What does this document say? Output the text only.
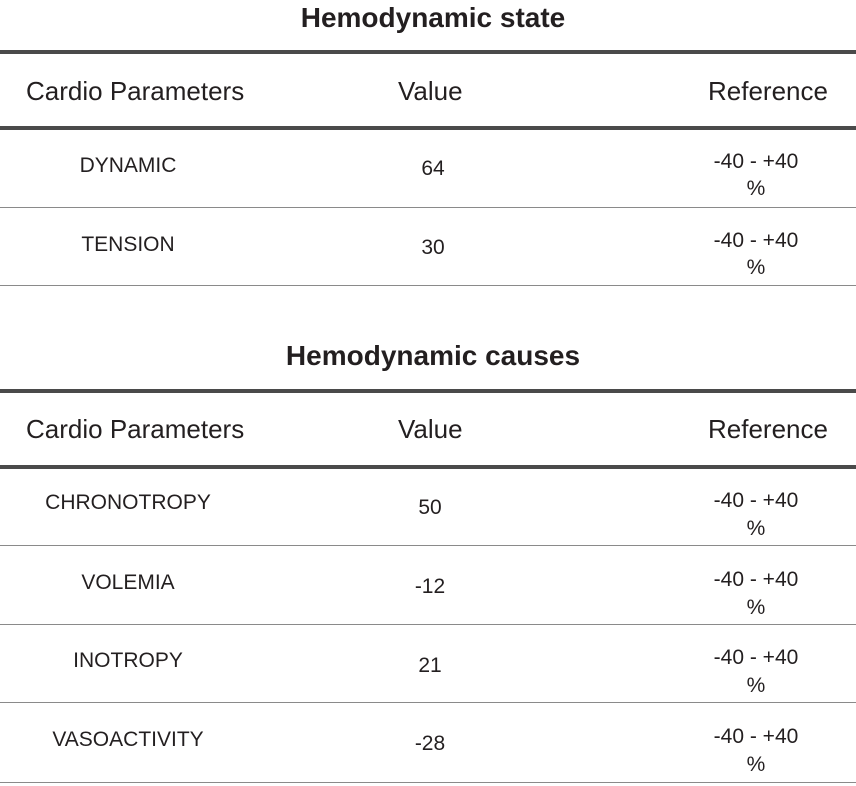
Hemodynamic state
Cardio Parameters	Value	Reference
DYNAMIC	64	-40 - +40
%
TENSION	30	-40 - +40
%
Hemodynamic causes
Cardio Parameters	Value	Reference
CHRONOTROPY	50	-40 - +40
%
VOLEMIA	-12	-40 - +40
%
INOTROPY	21	-40 - +40
%
VASOACTIVITY	-28	-40 - +40
%
